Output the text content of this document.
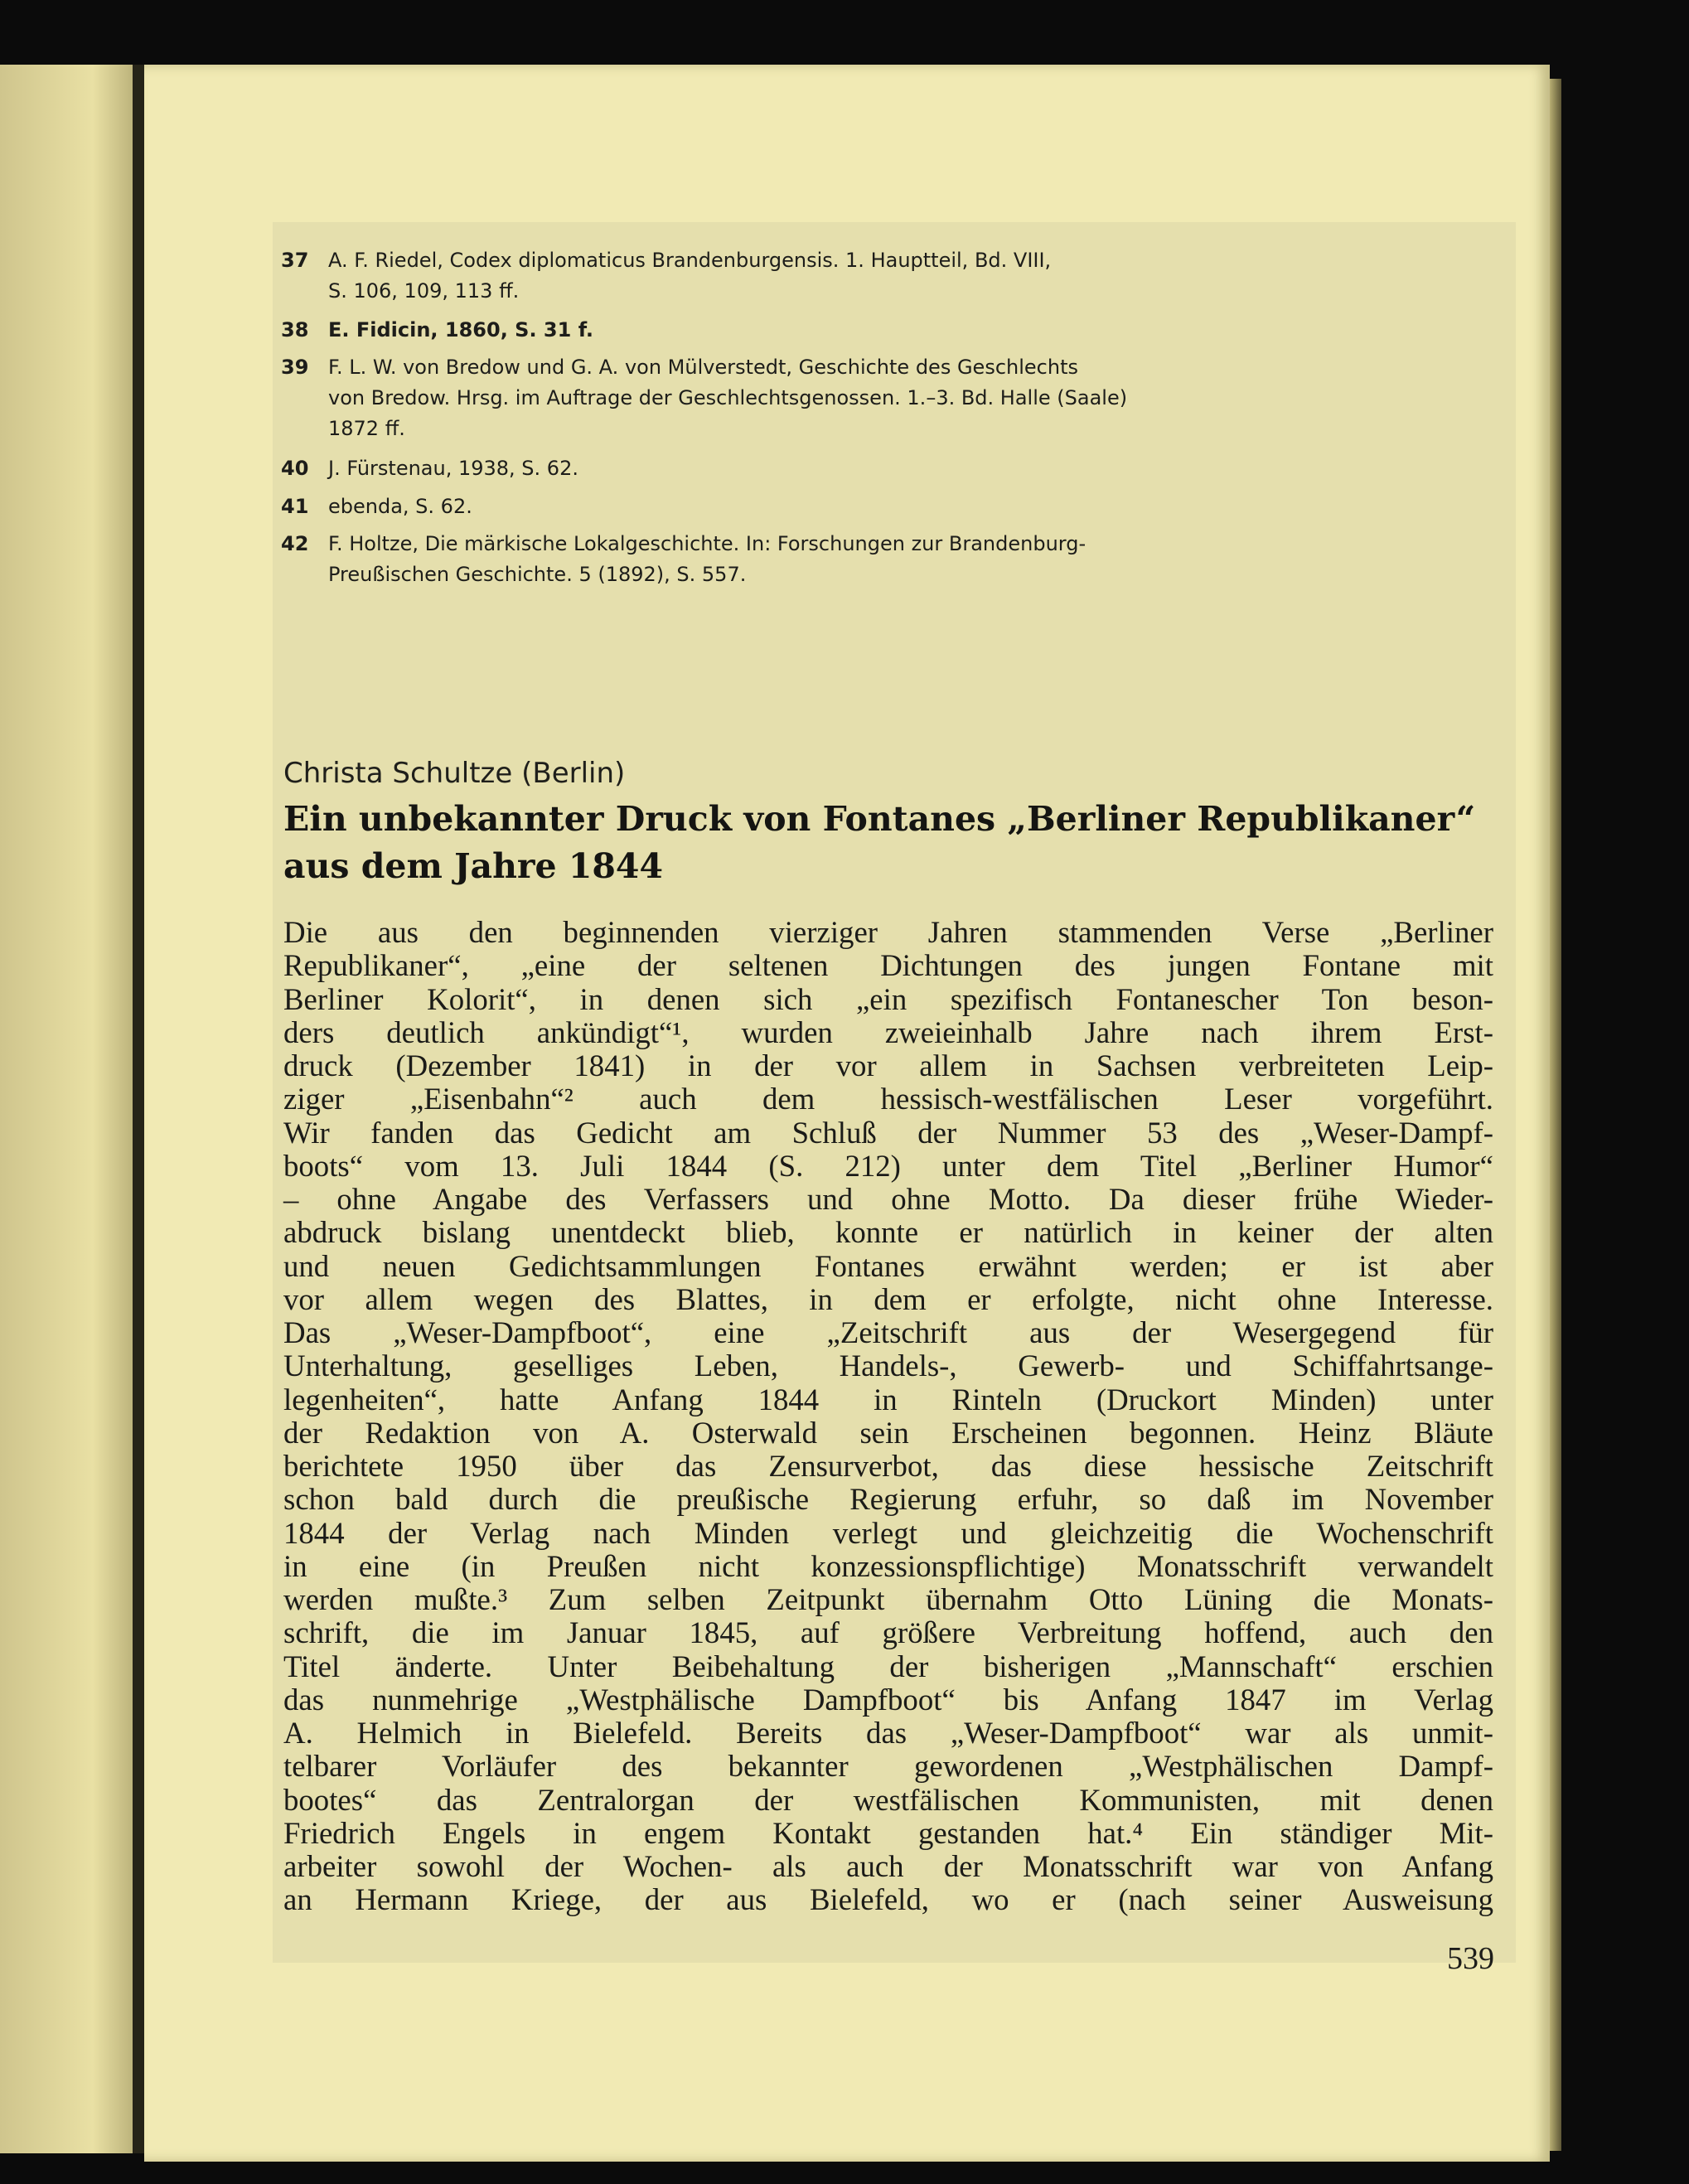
37 A. F. Riedel, Codex diplomaticus Brandenburgensis. 1. Hauptteil, Bd. VIII,
S. 106, 109, 113 ff.
38 E. Fidicin, 1860, S. 31 f.
39 F. L. W. von Bredow und G. A. von Mülverstedt, Geschichte des Geschlechts
von Bredow. Hrsg. im Auftrage der Geschlechtsgenossen. 1.–3. Bd. Halle (Saale)
1872 ff.
40 J. Fürstenau, 1938, S. 62.
41 ebenda, S. 62.
42 F. Holtze, Die märkische Lokalgeschichte. In: Forschungen zur Brandenburg-
Preußischen Geschichte. 5 (1892), S. 557.
Christa Schultze (Berlin)
Ein unbekannter Druck von Fontanes „Berliner Republikaner“
aus dem Jahre 1844
Die aus den beginnenden vierziger Jahren stammenden Verse „Berliner
Republikaner“, „eine der seltenen Dichtungen des jungen Fontane mit
Berliner Kolorit“, in denen sich „ein spezifisch Fontanescher Ton beson-
ders deutlich ankündigt“¹, wurden zweieinhalb Jahre nach ihrem Erst-
druck (Dezember 1841) in der vor allem in Sachsen verbreiteten Leip-
ziger „Eisenbahn“² auch dem hessisch-westfälischen Leser vorgeführt.
Wir fanden das Gedicht am Schluß der Nummer 53 des „Weser-Dampf-
boots“ vom 13. Juli 1844 (S. 212) unter dem Titel „Berliner Humor“
– ohne Angabe des Verfassers und ohne Motto. Da dieser frühe Wieder-
abdruck bislang unentdeckt blieb, konnte er natürlich in keiner der alten
und neuen Gedichtsammlungen Fontanes erwähnt werden; er ist aber
vor allem wegen des Blattes, in dem er erfolgte, nicht ohne Interesse.
Das „Weser-Dampfboot“, eine „Zeitschrift aus der Wesergegend für
Unterhaltung, geselliges Leben, Handels-, Gewerb- und Schiffahrtsange-
legenheiten“, hatte Anfang 1844 in Rinteln (Druckort Minden) unter
der Redaktion von A. Osterwald sein Erscheinen begonnen. Heinz Bläute
berichtete 1950 über das Zensurverbot, das diese hessische Zeitschrift
schon bald durch die preußische Regierung erfuhr, so daß im November
1844 der Verlag nach Minden verlegt und gleichzeitig die Wochenschrift
in eine (in Preußen nicht konzessionspflichtige) Monatsschrift verwandelt
werden mußte.³ Zum selben Zeitpunkt übernahm Otto Lüning die Monats-
schrift, die im Januar 1845, auf größere Verbreitung hoffend, auch den
Titel änderte. Unter Beibehaltung der bisherigen „Mannschaft“ erschien
das nunmehrige „Westphälische Dampfboot“ bis Anfang 1847 im Verlag
A. Helmich in Bielefeld. Bereits das „Weser-Dampfboot“ war als unmit-
telbarer Vorläufer des bekannter gewordenen „Westphälischen Dampf-
bootes“ das Zentralorgan der westfälischen Kommunisten, mit denen
Friedrich Engels in engem Kontakt gestanden hat.⁴ Ein ständiger Mit-
arbeiter sowohl der Wochen- als auch der Monatsschrift war von Anfang
an Hermann Kriege, der aus Bielefeld, wo er (nach seiner Ausweisung
539
